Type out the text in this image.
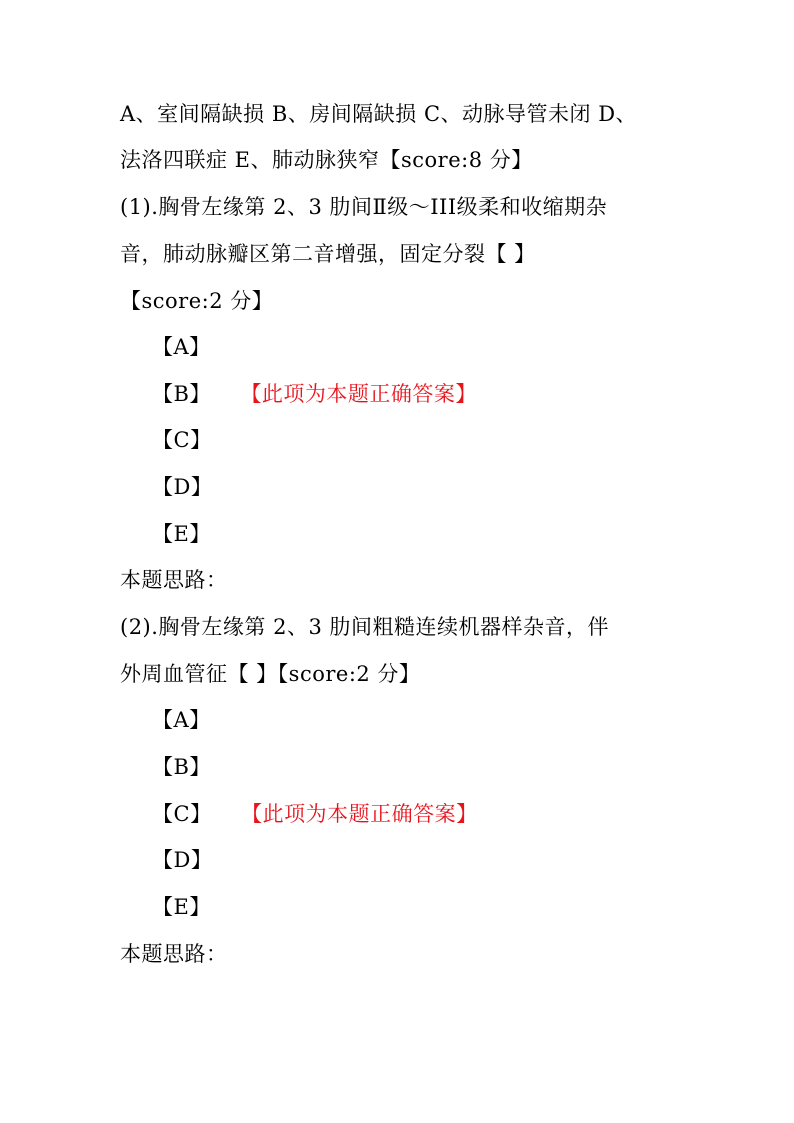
A、室间隔缺损 B、房间隔缺损 C、动脉导管未闭 D、
法洛四联症 E、肺动脉狭窄【score:8 分】
(1).胸骨左缘第 2、3 肋间Ⅱ级～III级柔和收缩期杂
音，肺动脉瓣区第二音增强，固定分裂【 】
【score:2 分】
【A】
【B】 【此项为本题正确答案】
【C】
【D】
【E】
本题思路：
(2).胸骨左缘第 2、3 肋间粗糙连续机器样杂音，伴
外周血管征【 】【score:2 分】
【A】
【B】
【C】 【此项为本题正确答案】
【D】
【E】
本题思路：
